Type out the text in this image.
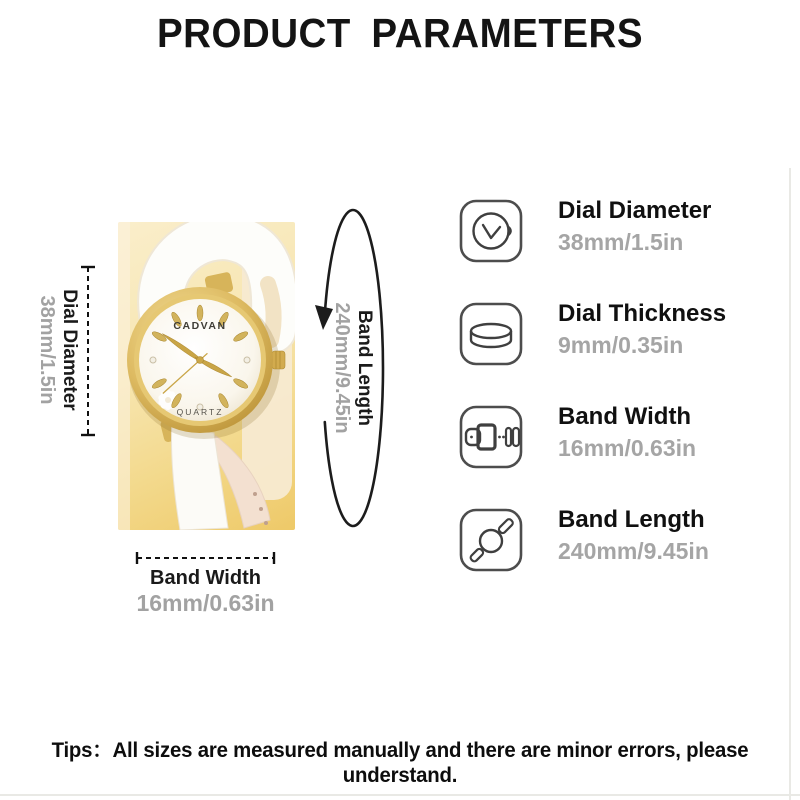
PRODUCT PARAMETERS
CADVAN
QUARTZ
Dial Diameter
38mm/1.5in	Band Length
240mm/9.45in
Band Width
16mm/0.63in
Dial Diameter
38mm/1.5in
Dial Thickness
9mm/0.35in
Band Width
16mm/0.63in
Band Length
240mm/9.45in
Tips：All sizes are measured manually and there are minor errors, please understand.
